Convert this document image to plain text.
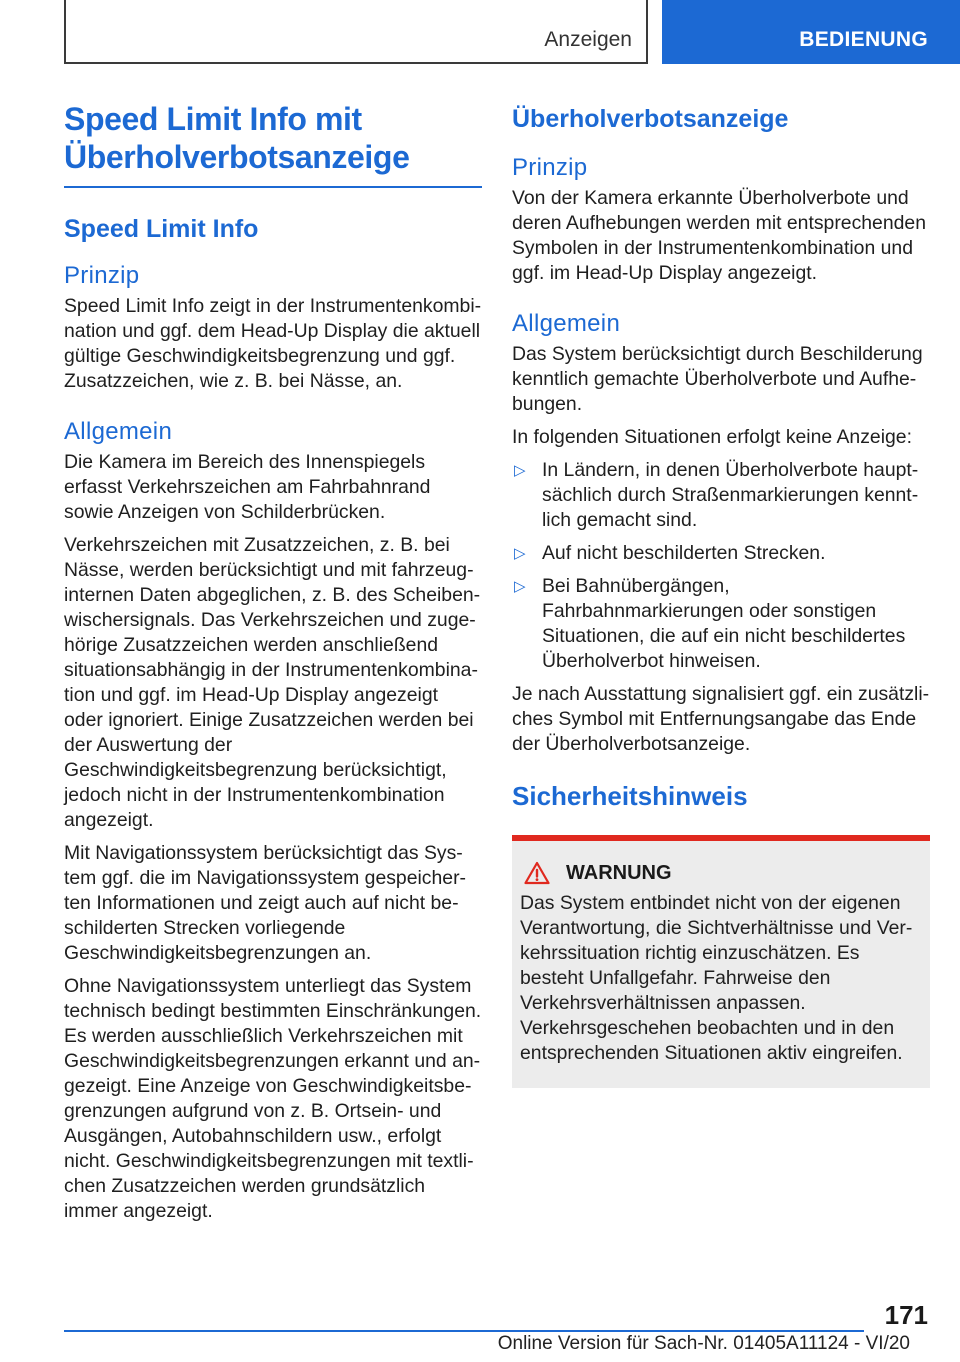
Anzeigen	BEDIENUNG
Speed Limit Info mit
Überholverbotsanzeige
Speed Limit Info
Prinzip

Speed Limit Info zeigt in der Instrumentenkombination und ggf. dem Head-Up Display die aktuell gültige Geschwindigkeitsbegrenzung und ggf. Zusatzzeichen, wie z. B. bei Nässe, an.

Allgemein

Die Kamera im Bereich des Innenspiegels erfasst Verkehrszeichen am Fahrbahnrand sowie Anzeigen von Schilderbrücken.

Verkehrszeichen mit Zusatzzeichen, z. B. bei Nässe, werden berücksichtigt und mit fahrzeuginternen Daten abgeglichen, z. B. des Scheibenwischersignals. Das Verkehrszeichen und zugehörige Zusatzzeichen werden anschließend situationsabhängig in der Instrumentenkombination und ggf. im Head-Up Display angezeigt oder ignoriert. Einige Zusatzzeichen werden bei der Auswertung der Geschwindigkeitsbegrenzung berücksichtigt, jedoch nicht in der Instrumentenkombination angezeigt.

Mit Navigationssystem berücksichtigt das System ggf. die im Navigationssystem gespeicherten Informationen und zeigt auch auf nicht beschilderten Strecken vorliegende Geschwindigkeitsbegrenzungen an.

Ohne Navigationssystem unterliegt das System technisch bedingt bestimmten Einschränkungen. Es werden ausschließlich Verkehrszeichen mit Geschwindigkeitsbegrenzungen erkannt und angezeigt. Eine Anzeige von Geschwindigkeitsbegrenzungen aufgrund von z. B. Ortsein- und Ausgängen, Autobahnschildern usw., erfolgt nicht. Geschwindigkeitsbegrenzungen mit textlichen Zusatzzeichen werden grundsätzlich immer angezeigt.

Überholverbotsanzeige
Prinzip

Von der Kamera erkannte Überholverbote und deren Aufhebungen werden mit entsprechenden Symbolen in der Instrumentenkombination und ggf. im Head-Up Display angezeigt.

Allgemein

Das System berücksichtigt durch Beschilderung kenntlich gemachte Überholverbote und Aufhebungen.

In folgenden Situationen erfolgt keine Anzeige:

▷ In Ländern, in denen Überholverbote hauptsächlich durch Straßenmarkierungen kenntlich gemacht sind.
▷ Auf nicht beschilderten Strecken.
▷ Bei Bahnübergängen, Fahrbahnmarkierungen oder sonstigen Situationen, die auf ein nicht beschildertes Überholverbot hinweisen.

Je nach Ausstattung signalisiert ggf. ein zusätzliches Symbol mit Entfernungsangabe das Ende der Überholverbotsanzeige.

Sicherheitshinweis
WARNUNG

Das System entbindet nicht von der eigenen Verantwortung, die Sichtverhältnisse und Verkehrssituation richtig einzuschätzen. Es besteht Unfallgefahr. Fahrweise den Verkehrsverhältnissen anpassen. Verkehrsgeschehen beobachten und in den entsprechenden Situationen aktiv eingreifen.

171
Online Version für Sach-Nr. 01405A11124 - VI/20
